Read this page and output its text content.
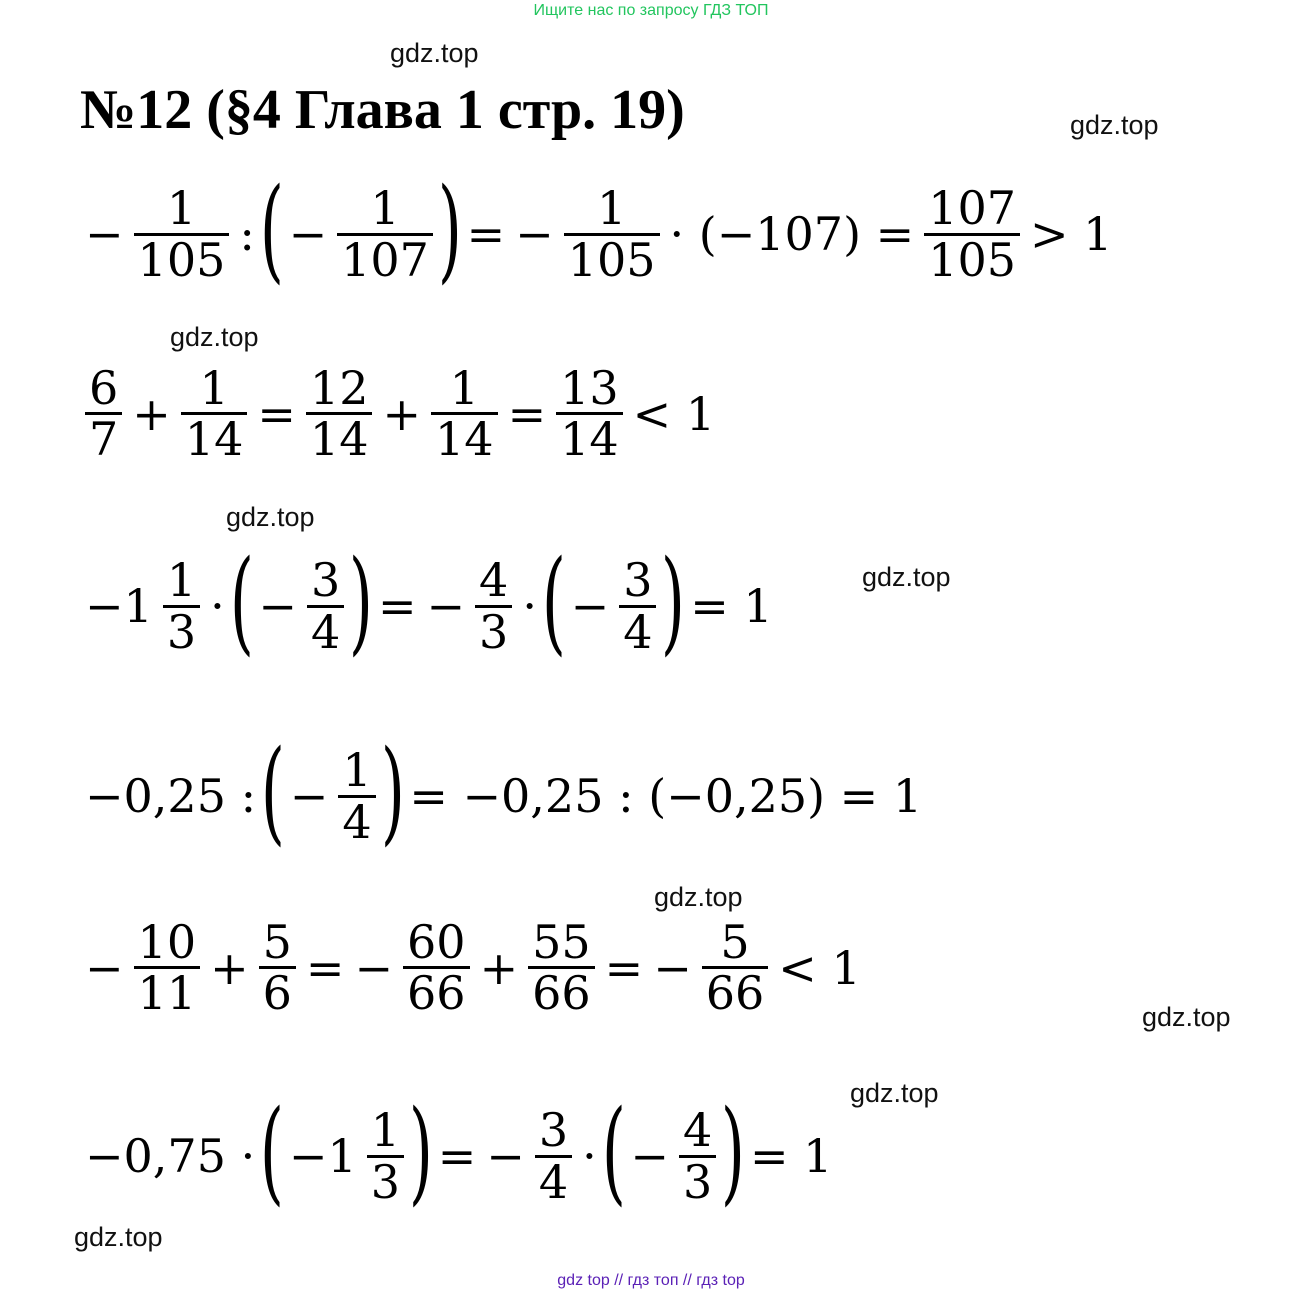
Ищите нас по запросу ГДЗ ТОП
gdz.top
gdz.top
gdz.top
gdz.top
gdz.top
gdz.top
gdz.top
gdz.top
gdz.top
№12 (§4 Глава 1 стр. 19)
− $\frac{1}{105}$ : ( − $\frac{1}{107}$ ) = − $\frac{1}{105} \cdot (-107) = \frac{107}{105} > 1$
$\frac{6}{7} + \frac{1}{14} = \frac{12}{14} + \frac{1}{14} = \frac{13}{14} < 1$
$-1 \frac{1}{3}$ · ( − $\frac{3}{4}$ ) = − $\frac{4}{3}$ · ( − $\frac{3}{4}$ ) = 1
−0,25 : ( − $\frac{1}{4}$ ) = −0,25 : (−0,25) = 1
− $\frac{10}{11} + \frac{5}{6}$ = − $\frac{60}{66} + \frac{55}{66}$ = − $\frac{5}{66} < 1$
−0,75 · ( $-1 \frac{1}{3}$ ) = − $\frac{3}{4}$ · ( − $\frac{4}{3}$ ) = 1
gdz top // гдз топ // гдз top
